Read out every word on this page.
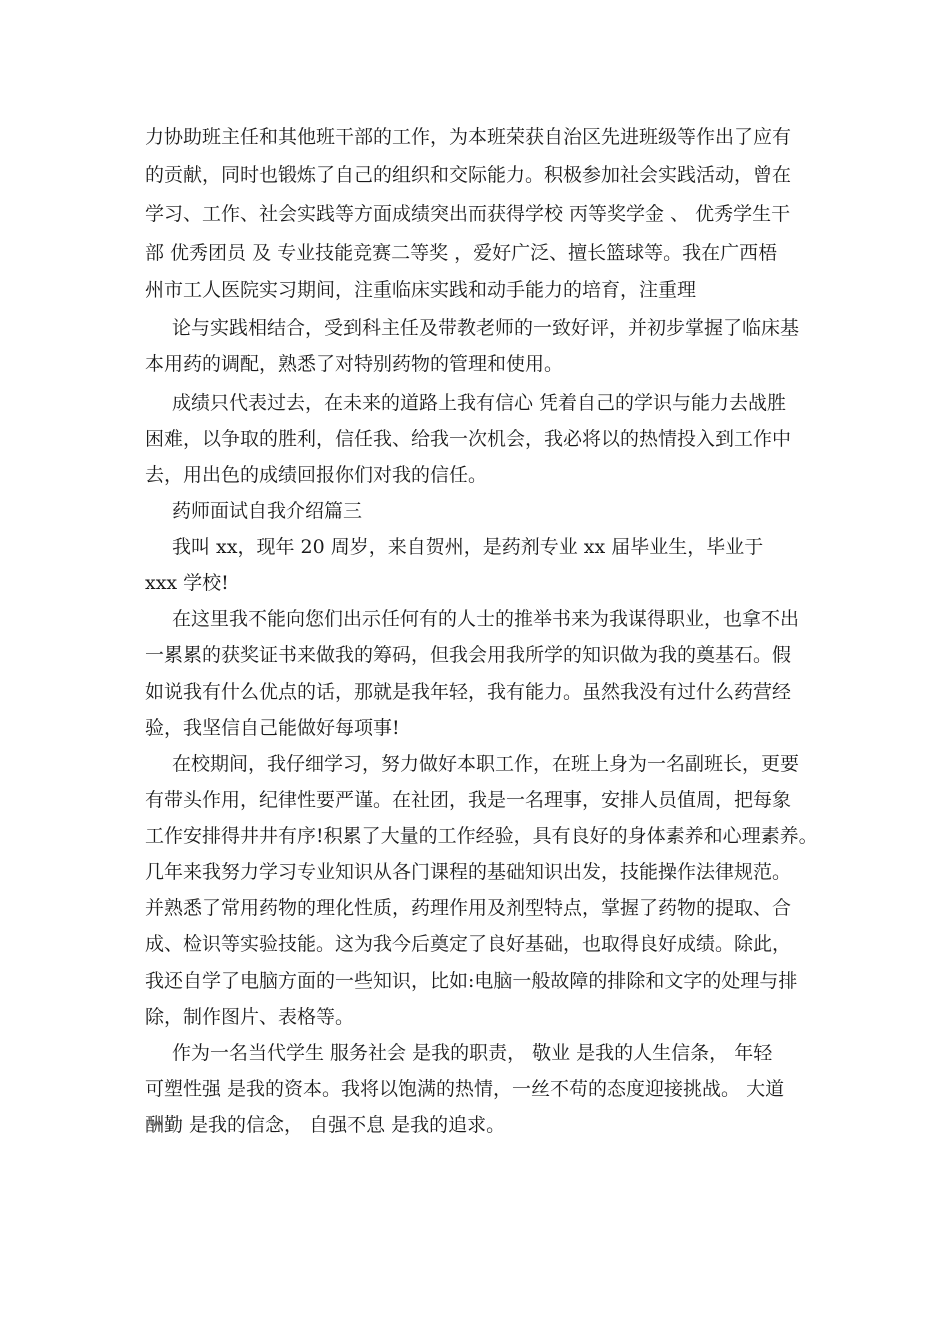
力协助班主任和其他班干部的工作，为本班荣获自治区先进班级等作出了应有

的贡献，同时也锻炼了自己的组织和交际能力。积极参加社会实践活动，曾在

学习、工作、社会实践等方面成绩突出而获得学校 丙等奖学金 、 优秀学生干

部 优秀团员 及 专业技能竞赛二等奖 ，爱好广泛、擅长篮球等。我在广西梧

州市工人医院实习期间，注重临床实践和动手能力的培育，注重理

论与实践相结合，受到科主任及带教老师的一致好评，并初步掌握了临床基

本用药的调配，熟悉了对特别药物的管理和使用。

成绩只代表过去，在未来的道路上我有信心 凭着自己的学识与能力去战胜

困难，以争取的胜利，信任我、给我一次机会，我必将以的热情投入到工作中

去，用出色的成绩回报你们对我的信任。

药师面试自我介绍篇三

我叫 xx，现年 20 周岁，来自贺州，是药剂专业 xx 届毕业生，毕业于

xxx 学校!

在这里我不能向您们出示任何有的人士的推举书来为我谋得职业，也拿不出

一累累的获奖证书来做我的筹码，但我会用我所学的知识做为我的奠基石。假

如说我有什么优点的话，那就是我年轻，我有能力。虽然我没有过什么药营经

验，我坚信自己能做好每项事!

在校期间，我仔细学习，努力做好本职工作，在班上身为一名副班长，更要

有带头作用，纪律性要严谨。在社团，我是一名理事，安排人员值周，把每象

工作安排得井井有序!积累了大量的工作经验，具有良好的身体素养和心理素养。

几年来我努力学习专业知识从各门课程的基础知识出发，技能操作法律规范。

并熟悉了常用药物的理化性质，药理作用及剂型特点，掌握了药物的提取、合

成、检识等实验技能。这为我今后奠定了良好基础，也取得良好成绩。除此，

我还自学了电脑方面的一些知识，比如:电脑一般故障的排除和文字的处理与排

除，制作图片、表格等。

作为一名当代学生 服务社会 是我的职责， 敬业 是我的人生信条， 年轻

可塑性强 是我的资本。我将以饱满的热情，一丝不苟的态度迎接挑战。 大道

酬勤 是我的信念， 自强不息 是我的追求。
